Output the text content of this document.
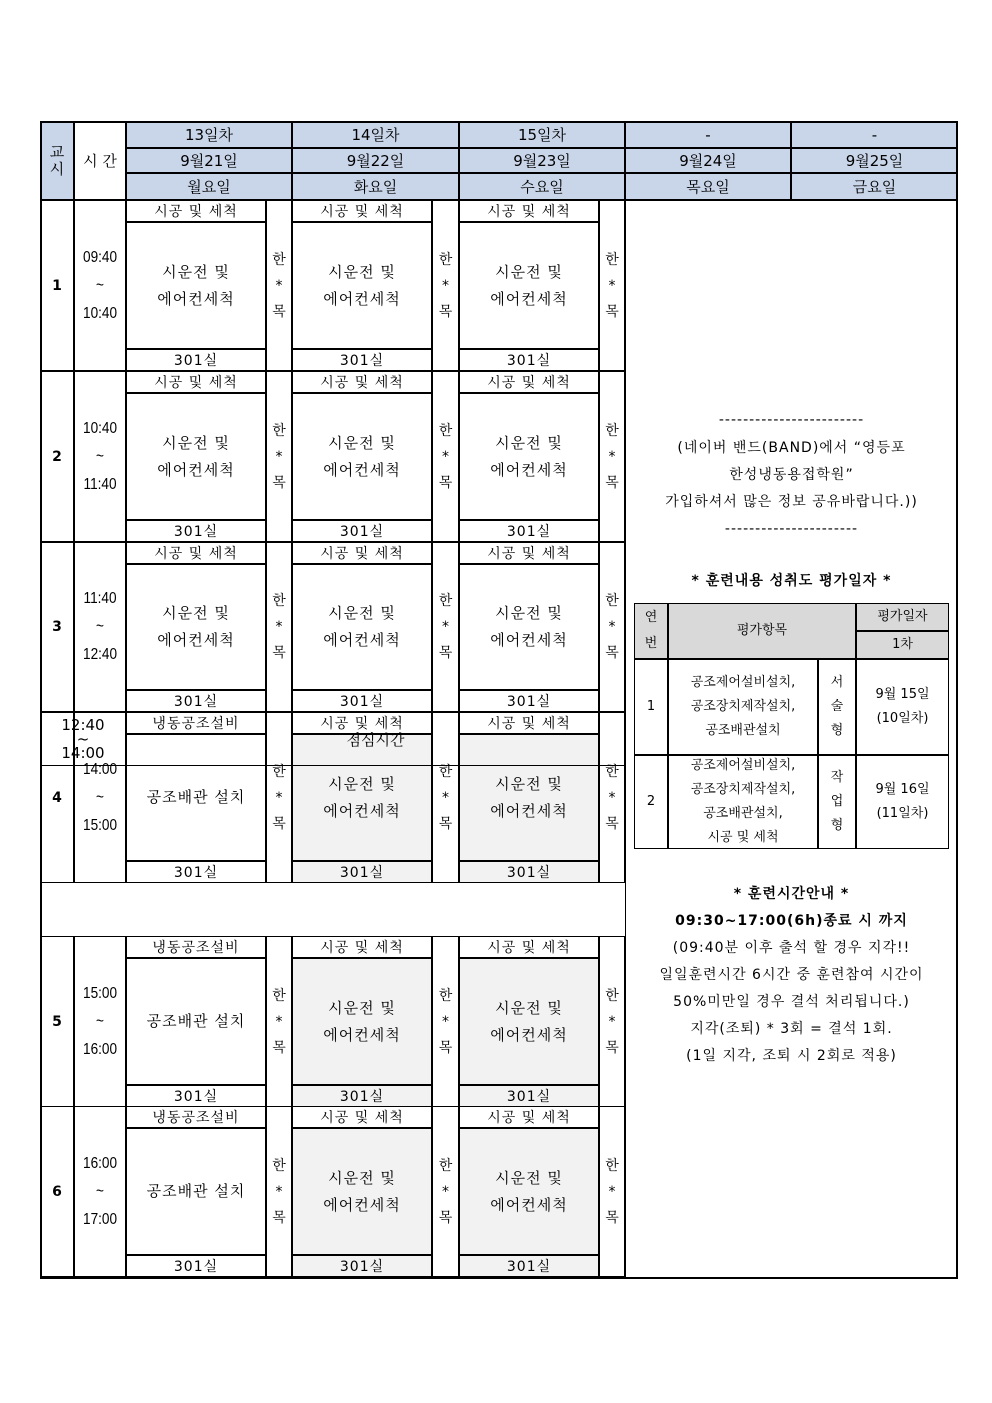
교
시 시 간
13일차
9월21일
월요일
14일차
9월22일
화요일
15일차
9월23일
수요일
-
9월24일
목요일
-
9월25일
금요일
1
09:40
~
10:40
시공 및 세척
시운전 및
에어컨세척
301실
한
*
목
시공 및 세척
시운전 및
에어컨세척
301실
한
*
목
시공 및 세척
시운전 및
에어컨세척
301실
한
*
목
2
10:40
~
11:40
시공 및 세척
시운전 및
에어컨세척
301실
한
*
목
시공 및 세척
시운전 및
에어컨세척
301실
한
*
목
시공 및 세척
시운전 및
에어컨세척
301실
한
*
목
3
11:40
~
12:40
시공 및 세척
시운전 및
에어컨세척
301실
한
*
목
시공 및 세척
시운전 및
에어컨세척
301실
한
*
목
시공 및 세척
시운전 및
에어컨세척
301실
한
*
목
4
14:00
~
15:00
냉동공조설비
공조배관 설치
301실
한
*
목
시공 및 세척
시운전 및
에어컨세척
301실
한
*
목
시공 및 세척
시운전 및
에어컨세척
301실
한
*
목
5
15:00
~
16:00
냉동공조설비
공조배관 설치
301실
한
*
목
시공 및 세척
시운전 및
에어컨세척
301실
한
*
목
시공 및 세척
시운전 및
에어컨세척
301실
한
*
목
6
16:00
~
17:00
냉동공조설비
공조배관 설치
301실
한
*
목
시공 및 세척
시운전 및
에어컨세척
301실
한
*
목
시공 및 세척
시운전 및
에어컨세척
301실
한
*
목
12:40
~
14:00
점심시간
------------------------
(네이버 밴드(BAND)에서 “영등포
한성냉동용접학원”
가입하셔서 많은 정보 공유바랍니다.))
----------------------
* 훈련내용 성취도 평가일자 *
연
번
평가항목
평가일자
1차
1
공조제어설비설치,
공조장치제작설치,
공조배관설치
서
술
형
9월 15일
(10일차)
2
공조제어설비설치,
공조장치제작설치,
공조배관설치,
시공 및 세척
작
업
형
9월 16일
(11일차)
* 훈련시간안내 *
09:30~17:00(6h)종료 시 까지
(09:40분 이후 출석 할 경우 지각!!
일일훈련시간 6시간 중 훈련참여 시간이
50%미만일 경우 결석 처리됩니다.)
지각(조퇴) * 3회 = 결석 1회.
(1일 지각, 조퇴 시 2회로 적용)
